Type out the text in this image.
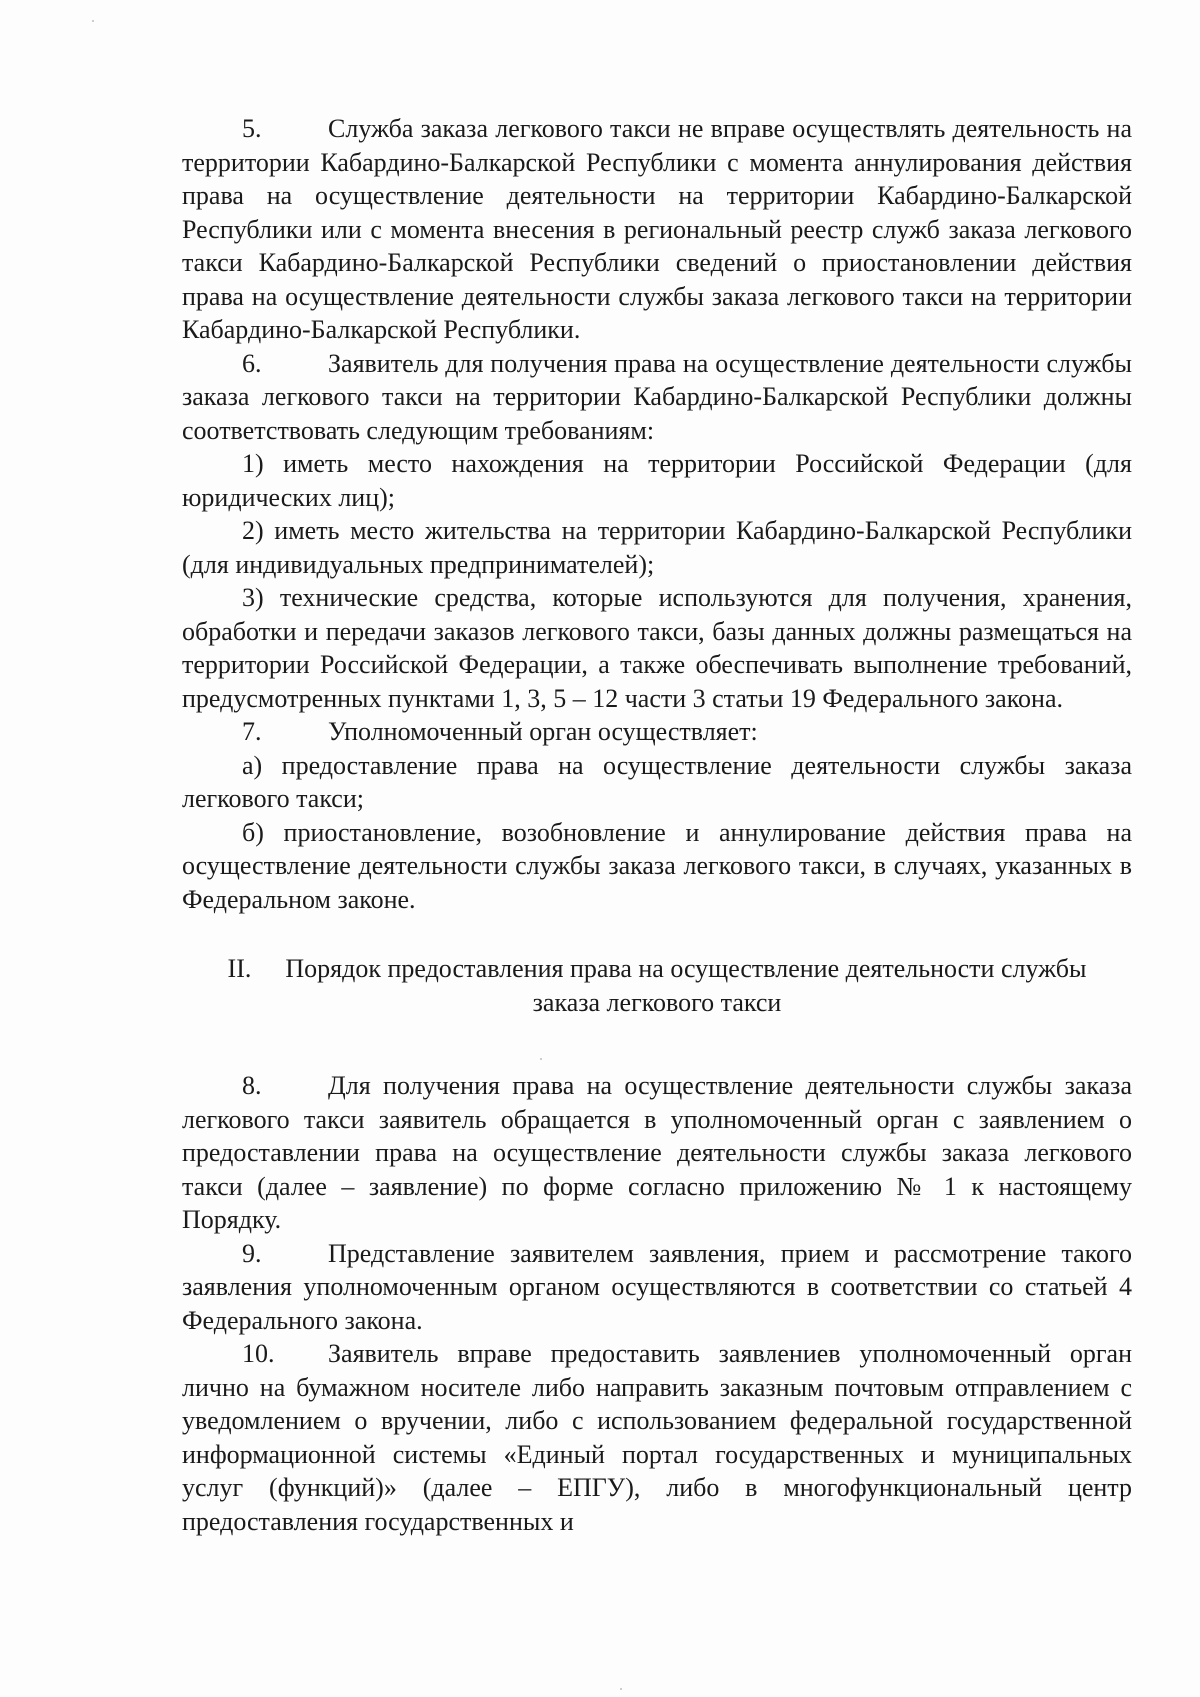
5.	Служба заказа легкового такси не вправе осуществлять деятельность на территории Кабардино-Балкарской Республики с момента аннулирования действия права на осуществление деятельности на территории Кабардино-Балкарской Республики или с момента внесения в региональный реестр служб заказа легкового такси Кабардино-Балкарской Республики сведений о приостановлении действия права на осуществление деятельности службы заказа легкового такси на территории Кабардино-Балкарской Республики.

6.	Заявитель для получения права на осуществление деятельности службы заказа легкового такси на территории Кабардино-Балкарской Республики должны соответствовать следующим требованиям:

1) иметь место нахождения на территории Российской Федерации (для юридических лиц);

2) иметь место жительства на территории Кабардино-Балкарской Республики (для индивидуальных предпринимателей);

3) технические средства, которые используются для получения, хранения, обработки и передачи заказов легкового такси, базы данных должны размещаться на территории Российской Федерации, а также обеспечивать выполнение требований, предусмотренных пунктами 1, 3, 5 – 12 части 3 статьи 19 Федерального закона.

7.	Уполномоченный орган осуществляет:

а) предоставление права на осуществление деятельности службы заказа легкового такси;

б) приостановление, возобновление и аннулирование действия права на осуществление деятельности службы заказа легкового такси, в случаях, указанных в Федеральном законе.

II. Порядок предоставления права на осуществление деятельности службы
заказа легкового такси

8.	Для получения права на осуществление деятельности службы заказа легкового такси заявитель обращается в уполномоченный орган с заявлением о предоставлении права на осуществление деятельности службы заказа легкового такси (далее – заявление) по форме согласно приложению № 1 к настоящему Порядку.

9.	Представление заявителем заявления, прием и рассмотрение такого заявления уполномоченным органом осуществляются в соответствии со статьей 4 Федерального закона.

10. Заявитель вправе предоставить заявлениев уполномоченный орган лично на бумажном носителе либо направить заказным почтовым отправлением с уведомлением о вручении, либо с использованием федеральной государственной информационной системы «Единый портал государственных и муниципальных услуг (функций)» (далее – ЕПГУ), либо в многофункциональный центр предоставления государственных и
